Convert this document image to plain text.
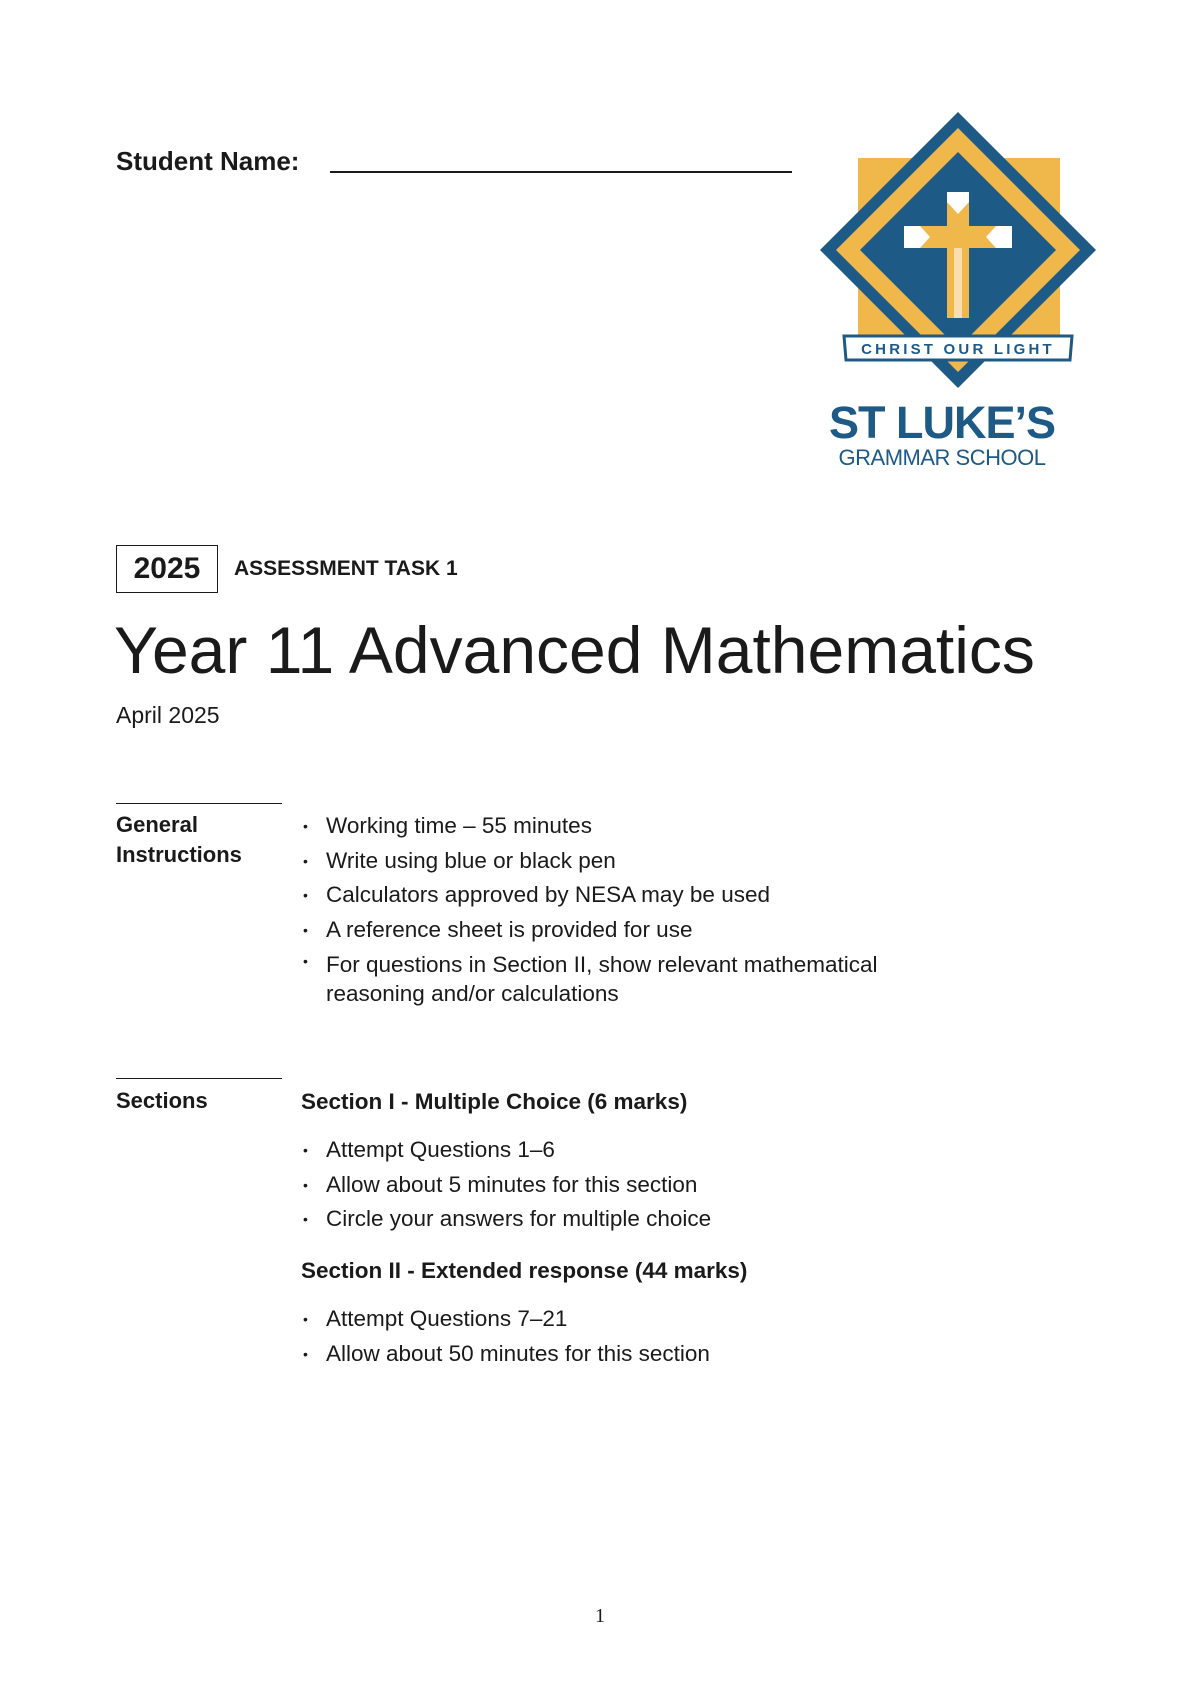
Student Name:
CHRIST OUR LIGHT
ST LUKE’S
GRAMMAR SCHOOL
2025	ASSESSMENT TASK 1
Year 11 Advanced Mathematics
April 2025
General
Instructions
• Working time – 55 minutes
• Write using blue or black pen
• Calculators approved by NESA may be used
• A reference sheet is provided for use
• For questions in Section II, show relevant mathematical reasoning and/or calculations
Sections	Section I - Multiple Choice (6 marks)
• Attempt Questions 1–6
• Allow about 5 minutes for this section
• Circle your answers for multiple choice
Section II - Extended response (44 marks)
• Attempt Questions 7–21
• Allow about 50 minutes for this section
1
